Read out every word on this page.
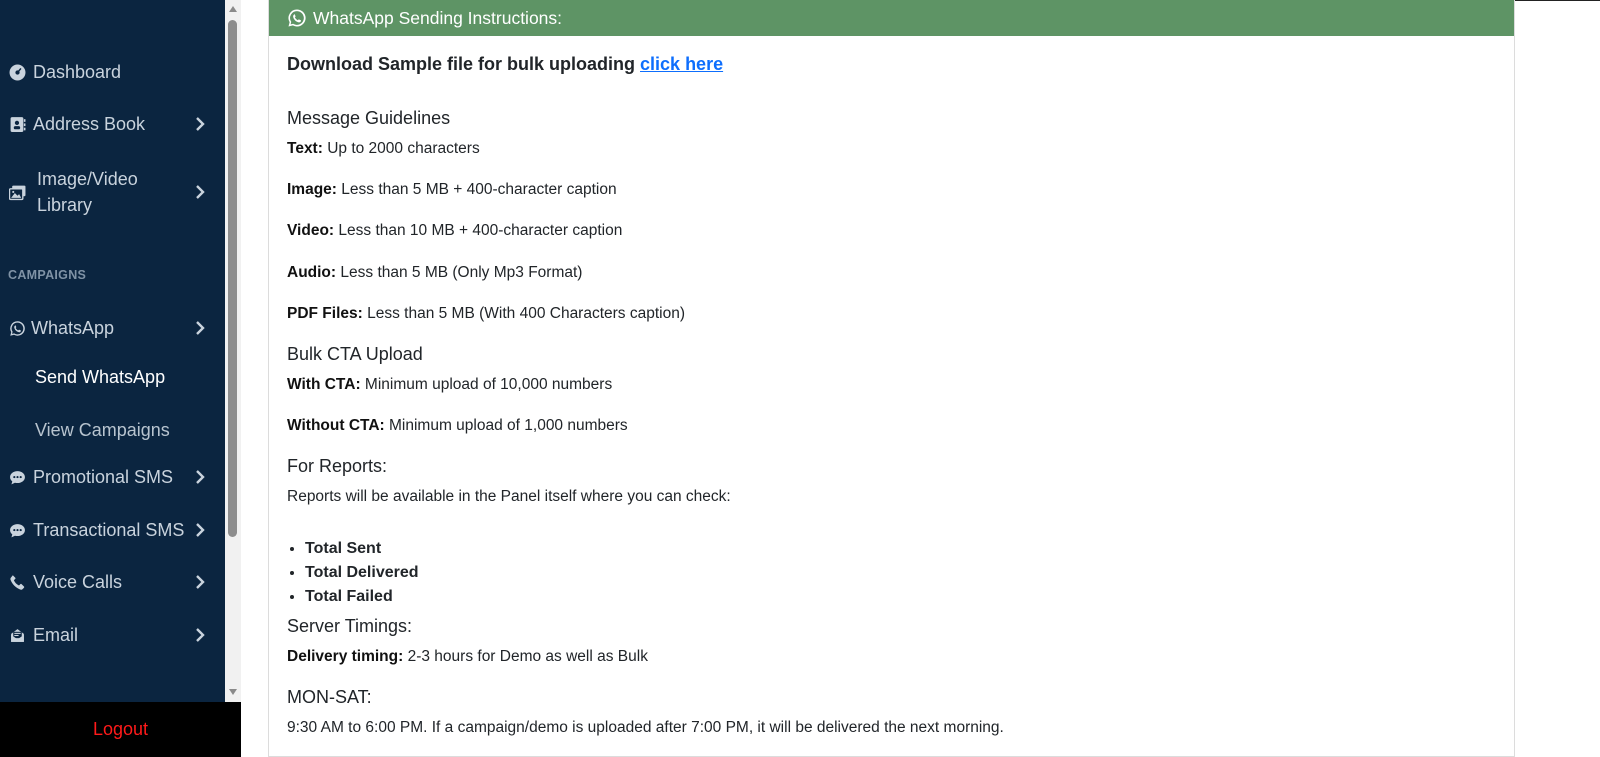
Dashboard
Address Book
Image/Video
Library
CAMPAIGNS
WhatsApp
Send WhatsApp
View Campaigns
Promotional SMS
Transactional SMS
Voice Calls
Email
Logout
WhatsApp Sending Instructions:
Download Sample file for bulk uploading click here
Message Guidelines
Text: Up to 2000 characters
Image: Less than 5 MB + 400-character caption
Video: Less than 10 MB + 400-character caption
Audio: Less than 5 MB (Only Mp3 Format)
PDF Files: Less than 5 MB (With 400 Characters caption)
Bulk CTA Upload
With CTA: Minimum upload of 10,000 numbers
Without CTA: Minimum upload of 1,000 numbers
For Reports:
Reports will be available in the Panel itself where you can check:
• Total Sent
• Total Delivered
• Total Failed
Server Timings:
Delivery timing: 2-3 hours for Demo as well as Bulk
MON-SAT:
9:30 AM to 6:00 PM. If a campaign/demo is uploaded after 7:00 PM, it will be delivered the next morning.
